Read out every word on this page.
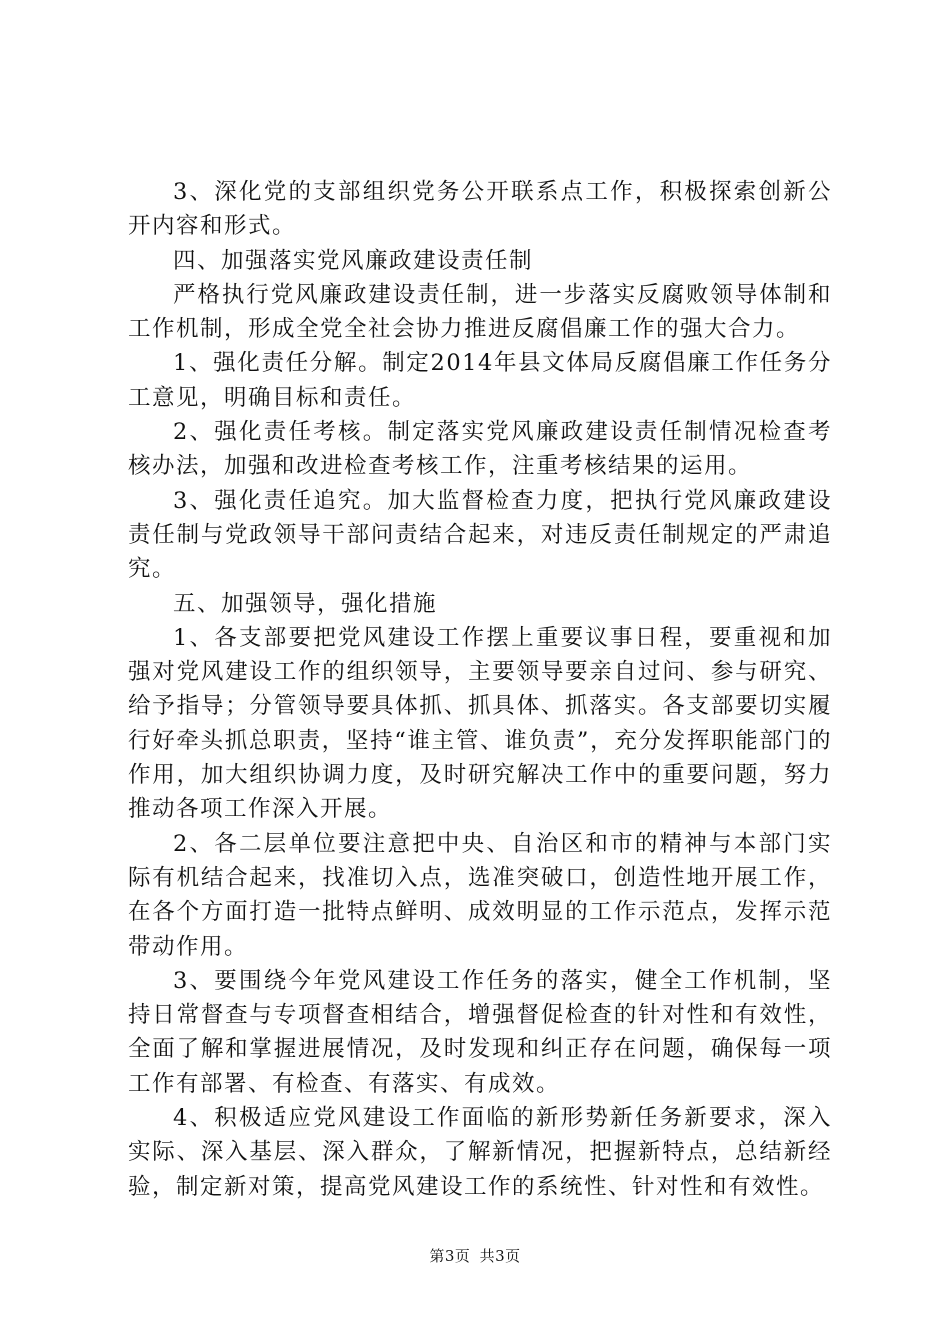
3、深化党的支部组织党务公开联系点工作，积极探索创新公开内容和形式。

四、加强落实党风廉政建设责任制

严格执行党风廉政建设责任制，进一步落实反腐败领导体制和工作机制，形成全党全社会协力推进反腐倡廉工作的强大合力。

1、强化责任分解。制定2014年县文体局反腐倡廉工作任务分工意见，明确目标和责任。

2、强化责任考核。制定落实党风廉政建设责任制情况检查考核办法，加强和改进检查考核工作，注重考核结果的运用。

3、强化责任追究。加大监督检查力度，把执行党风廉政建设责任制与党政领导干部问责结合起来，对违反责任制规定的严肃追究。

五、加强领导，强化措施

1、各支部要把党风建设工作摆上重要议事日程，要重视和加强对党风建设工作的组织领导，主要领导要亲自过问、参与研究、给予指导；分管领导要具体抓、抓具体、抓落实。各支部要切实履行好牵头抓总职责，坚持“谁主管、谁负责”，充分发挥职能部门的作用，加大组织协调力度，及时研究解决工作中的重要问题，努力推动各项工作深入开展。

2、各二层单位要注意把中央、自治区和市的精神与本部门实际有机结合起来，找准切入点，选准突破口，创造性地开展工作，在各个方面打造一批特点鲜明、成效明显的工作示范点，发挥示范带动作用。

3、要围绕今年党风建设工作任务的落实，健全工作机制，坚持日常督查与专项督查相结合，增强督促检查的针对性和有效性，全面了解和掌握进展情况，及时发现和纠正存在问题，确保每一项工作有部署、有检查、有落实、有成效。

4、积极适应党风建设工作面临的新形势新任务新要求，深入实际、深入基层、深入群众，了解新情况，把握新特点，总结新经验，制定新对策，提高党风建设工作的系统性、针对性和有效性。

第3页 共3页
